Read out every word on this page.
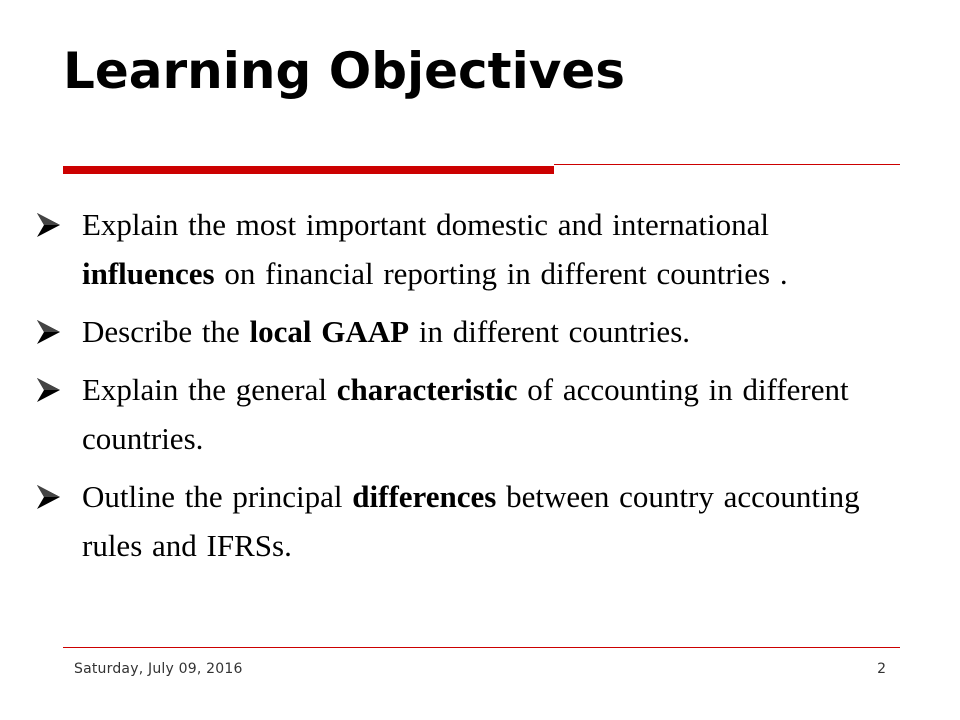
Learning Objectives
Explain the most important domestic and international influences on financial reporting in different countries .
Describe the local GAAP in different countries.
Explain the general characteristic of accounting in different countries.
Outline the principal differences between country accounting rules and IFRSs.
Saturday, July 09, 2016	2
